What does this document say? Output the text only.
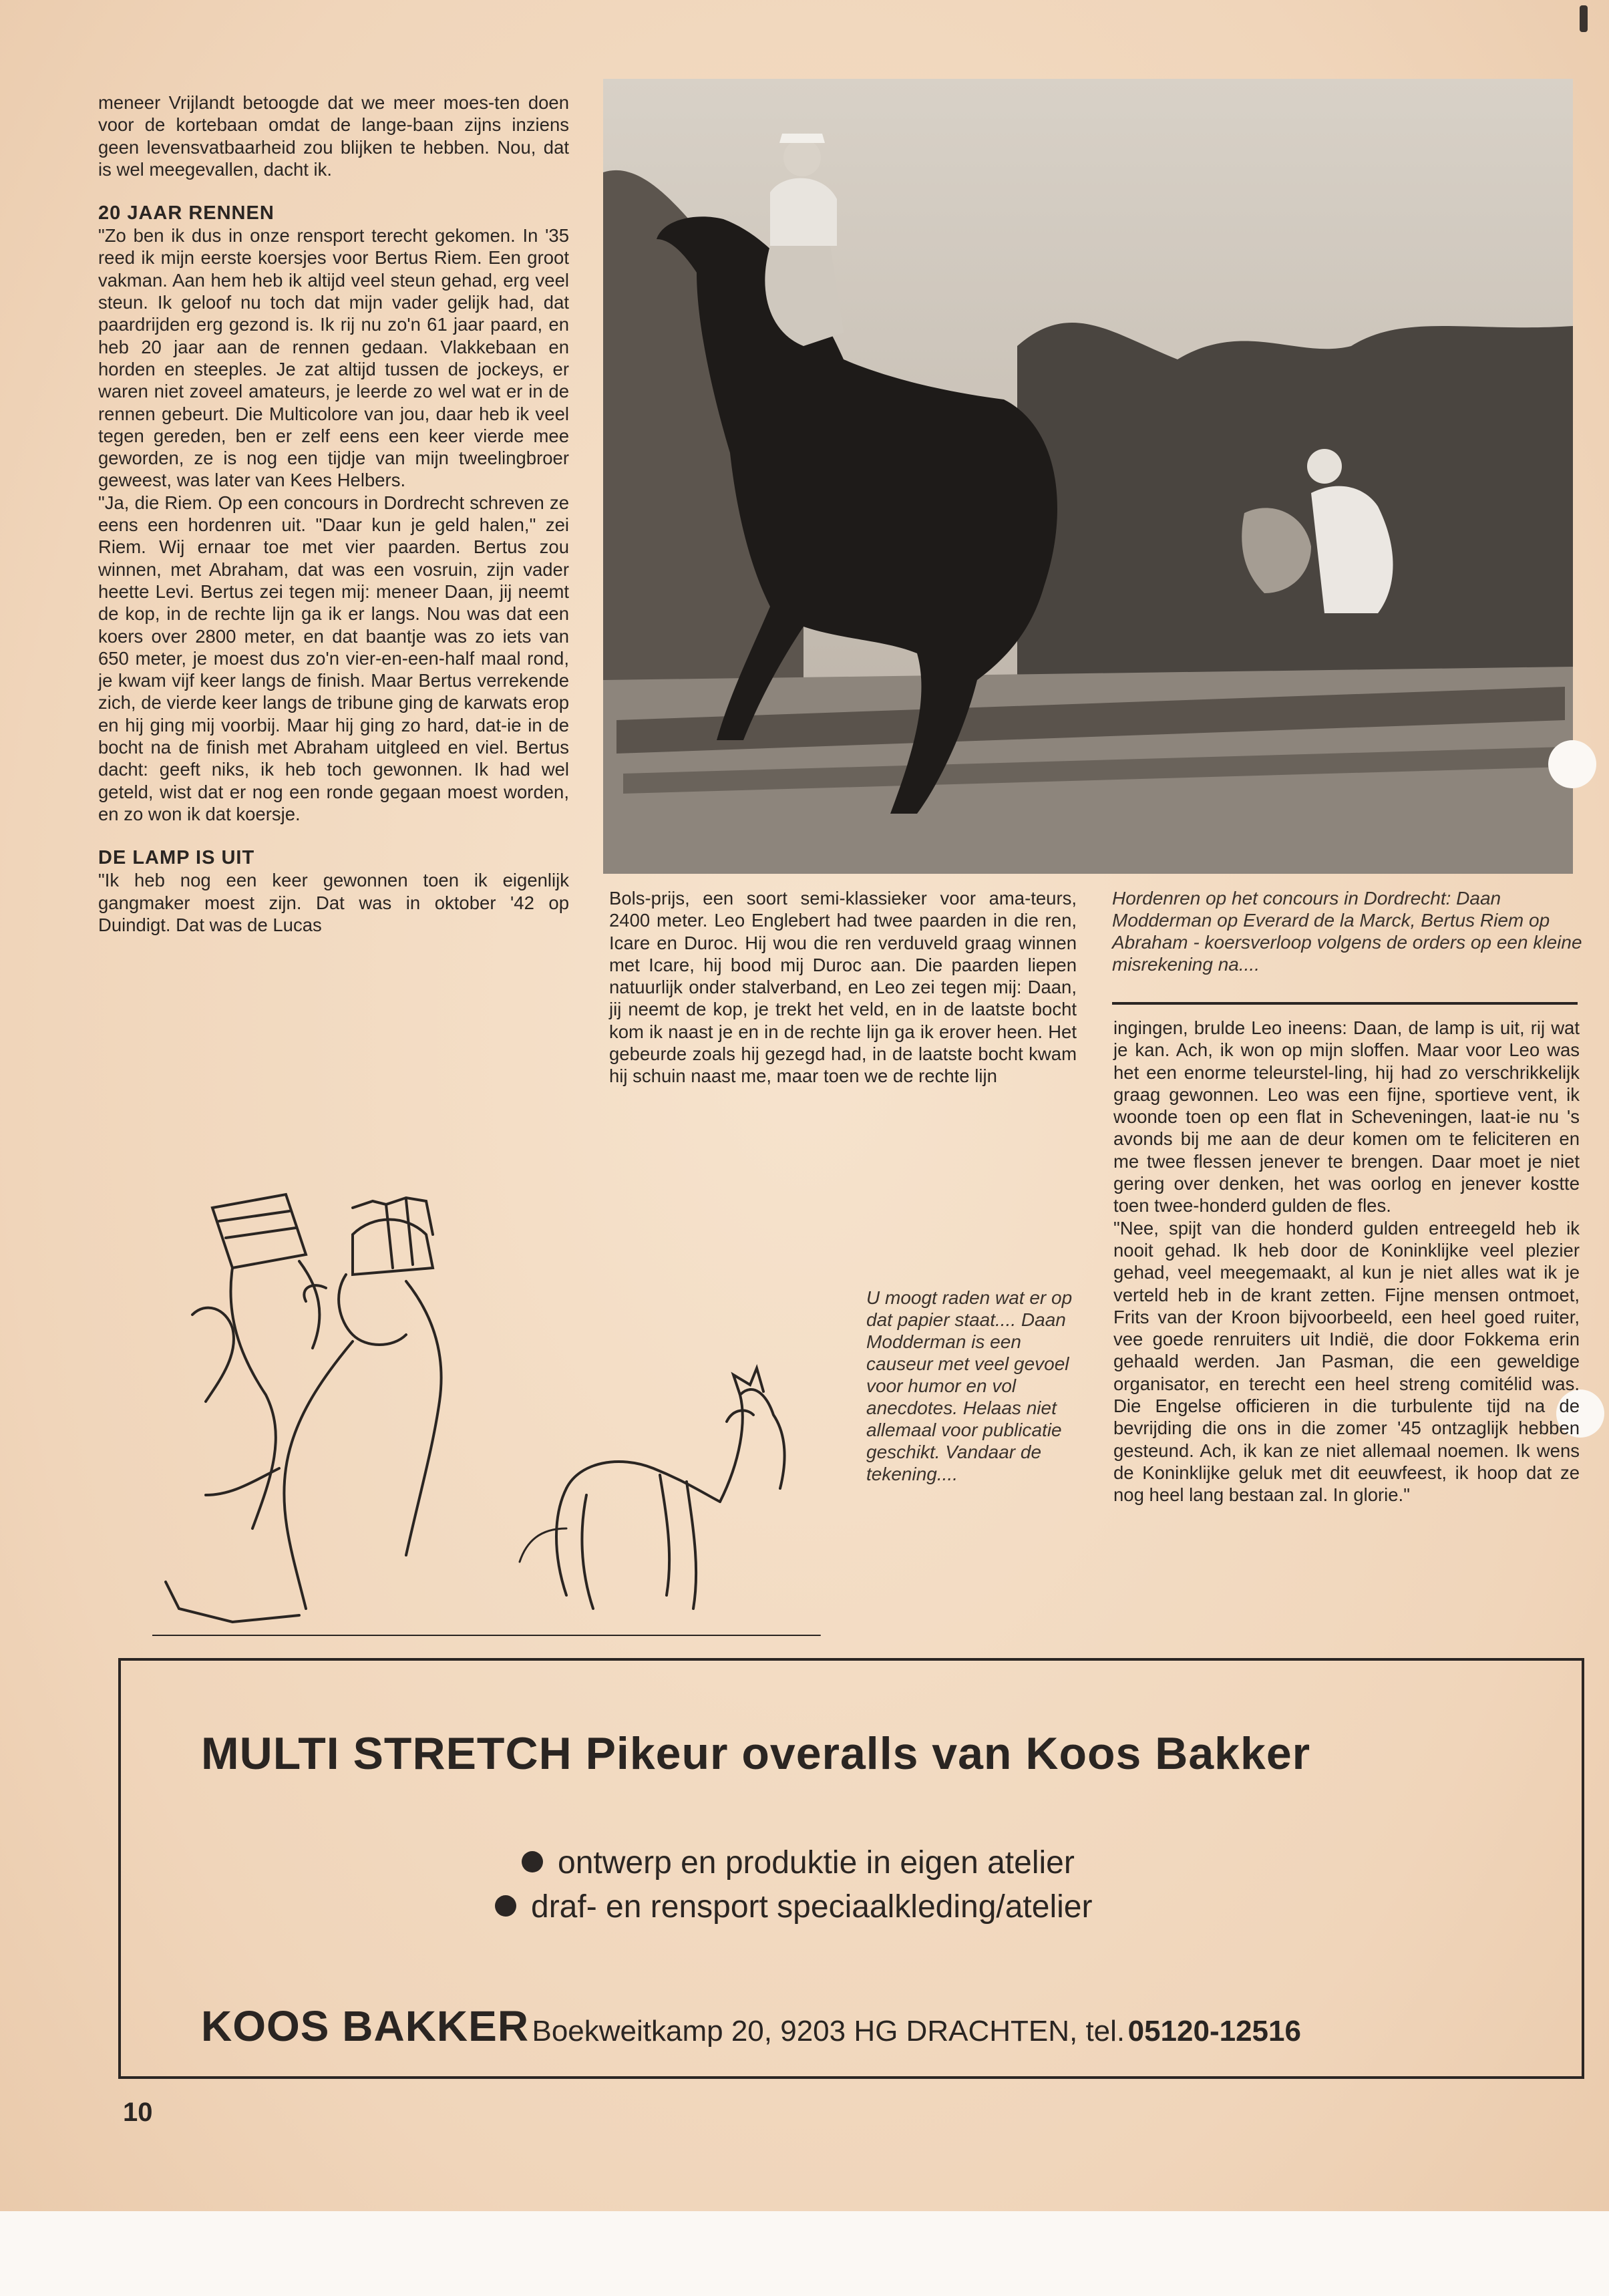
meneer Vrijlandt betoogde dat we meer moes-ten doen voor de kortebaan omdat de lange-baan zijns inziens geen levensvatbaarheid zou blijken te hebben. Nou, dat is wel meegevallen, dacht ik.

20 JAAR RENNEN

"Zo ben ik dus in onze rensport terecht gekomen. In '35 reed ik mijn eerste koersjes voor Bertus Riem. Een groot vakman. Aan hem heb ik altijd veel steun gehad, erg veel steun. Ik geloof nu toch dat mijn vader gelijk had, dat paardrijden erg gezond is. Ik rij nu zo'n 61 jaar paard, en heb 20 jaar aan de rennen gedaan. Vlakkebaan en horden en steeples. Je zat altijd tussen de jockeys, er waren niet zoveel amateurs, je leerde zo wel wat er in de rennen gebeurt. Die Multicolore van jou, daar heb ik veel tegen gereden, ben er zelf eens een keer vierde mee geworden, ze is nog een tijdje van mijn tweelingbroer geweest, was later van Kees Helbers.

"Ja, die Riem. Op een concours in Dordrecht schreven ze eens een hordenren uit. "Daar kun je geld halen," zei Riem. Wij ernaar toe met vier paarden. Bertus zou winnen, met Abraham, dat was een vosruin, zijn vader heette Levi. Bertus zei tegen mij: meneer Daan, jij neemt de kop, in de rechte lijn ga ik er langs. Nou was dat een koers over 2800 meter, en dat baantje was zo iets van 650 meter, je moest dus zo'n vier-en-een-half maal rond, je kwam vijf keer langs de finish. Maar Bertus verrekende zich, de vierde keer langs de tribune ging de karwats erop en hij ging mij voorbij. Maar hij ging zo hard, dat-ie in de bocht na de finish met Abraham uitgleed en viel. Bertus dacht: geeft niks, ik heb toch gewonnen. Ik had wel geteld, wist dat er nog een ronde gegaan moest worden, en zo won ik dat koersje.

DE LAMP IS UIT

"Ik heb nog een keer gewonnen toen ik eigenlijk gangmaker moest zijn. Dat was in oktober '42 op Duindigt. Dat was de Lucas

Bols-prijs, een soort semi-klassieker voor ama-teurs, 2400 meter. Leo Englebert had twee paarden in die ren, Icare en Duroc. Hij wou die ren verduveld graag winnen met Icare, hij bood mij Duroc aan. Die paarden liepen natuurlijk onder stalverband, en Leo zei tegen mij: Daan, jij neemt de kop, je trekt het veld, en in de laatste bocht kom ik naast je en in de rechte lijn ga ik erover heen. Het gebeurde zoals hij gezegd had, in de laatste bocht kwam hij schuin naast me, maar toen we de rechte lijn

Hordenren op het concours in Dordrecht: Daan Modderman op Everard de la Marck, Bertus Riem op Abraham - koersverloop volgens de orders op een kleine misrekening na....

ingingen, brulde Leo ineens: Daan, de lamp is uit, rij wat je kan. Ach, ik won op mijn sloffen. Maar voor Leo was het een enorme teleurstel-ling, hij had zo verschrikkelijk graag gewonnen. Leo was een fijne, sportieve vent, ik woonde toen op een flat in Scheveningen, laat-ie nu 's avonds bij me aan de deur komen om te feliciteren en me twee flessen jenever te brengen. Daar moet je niet gering over denken, het was oorlog en jenever kostte toen twee-honderd gulden de fles.

"Nee, spijt van die honderd gulden entreegeld heb ik nooit gehad. Ik heb door de Koninklijke veel plezier gehad, veel meegemaakt, al kun je niet alles wat ik je verteld heb in de krant zetten. Fijne mensen ontmoet, Frits van der Kroon bijvoorbeeld, een heel goed ruiter, vee goede renruiters uit Indië, die door Fokkema erin gehaald werden. Jan Pasman, die een geweldige organisator, en terecht een heel streng comitélid was. Die Engelse officieren in die turbulente tijd na de bevrijding die ons in die zomer '45 ontzaglijk hebben gesteund. Ach, ik kan ze niet allemaal noemen. Ik wens de Koninklijke geluk met dit eeuwfeest, ik hoop dat ze nog heel lang bestaan zal. In glorie."

U moogt raden wat er op dat papier staat.... Daan Modderman is een causeur met veel gevoel voor humor en vol anecdotes. Helaas niet allemaal voor publicatie geschikt. Vandaar de tekening....
MULTI STRETCH Pikeur overalls van Koos Bakker
ontwerp en produktie in eigen atelier
draf- en rensport speciaalkleding/atelier
KOOS BAKKER Boekweitkamp 20, 9203 HG DRACHTEN, tel. 05120-12516
10
